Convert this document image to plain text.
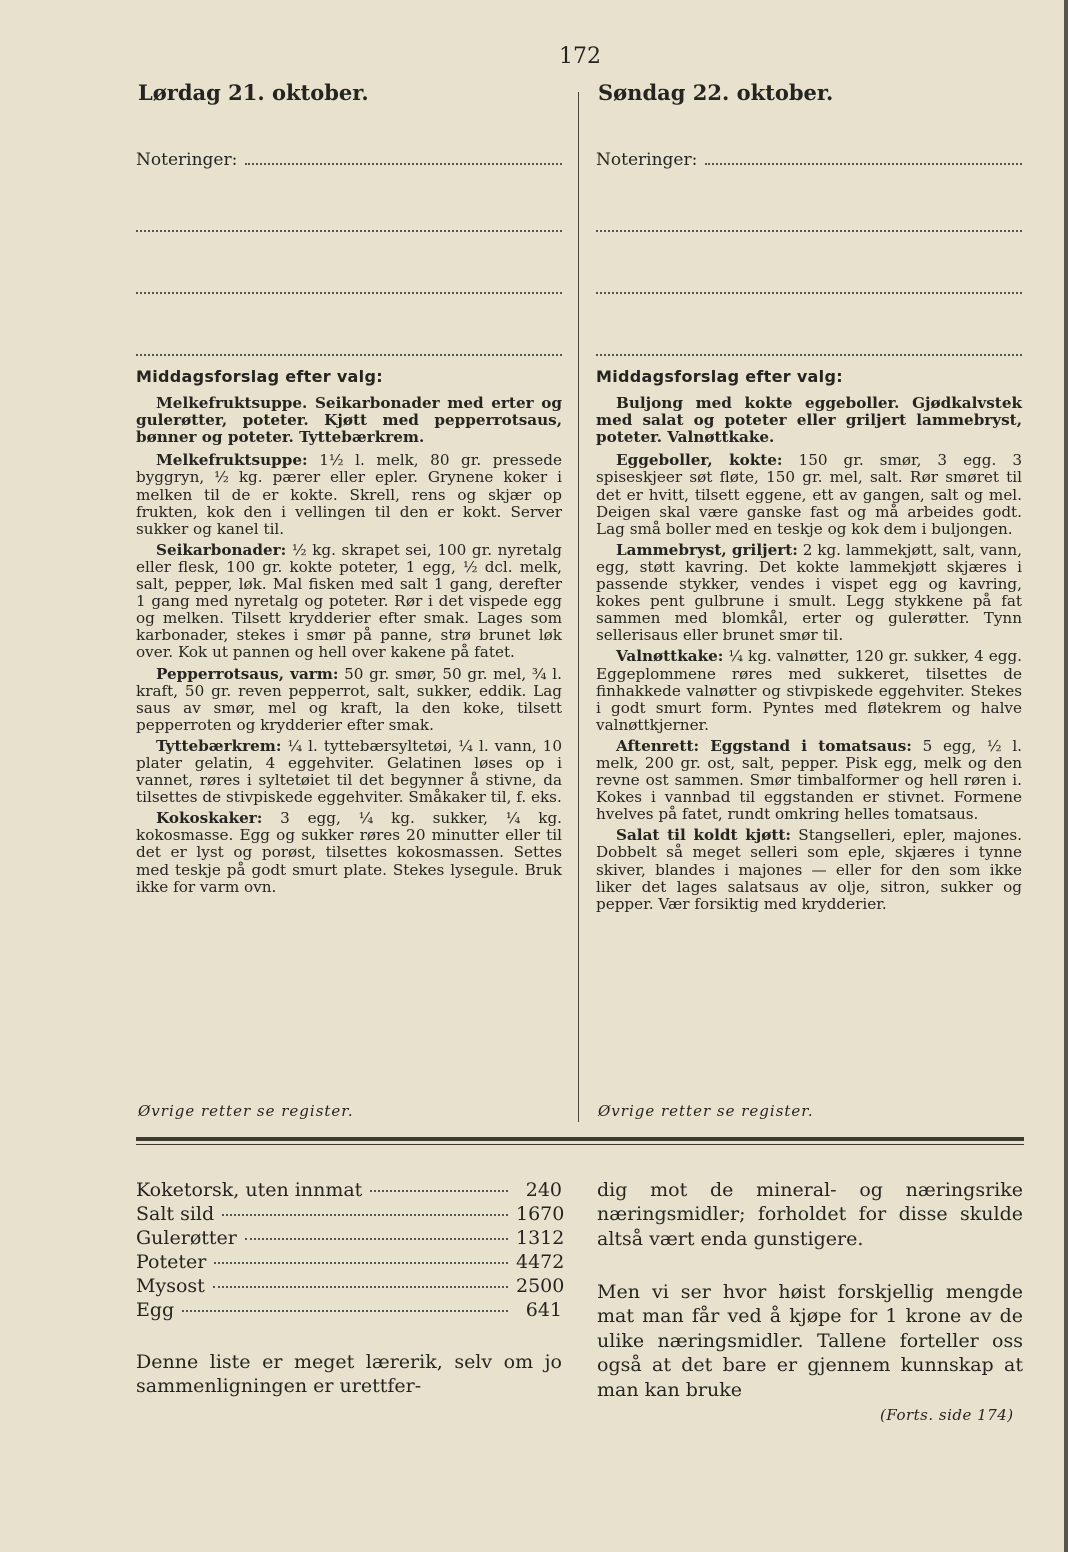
172
Lørdag 21. oktober.	Søndag 22. oktober.
Noteringer:	Noteringer:
Middagsforslag efter valg:

Melkefruktsuppe. Seikarbonader med erter og gulerøtter, poteter. Kjøtt med pepperrotsaus, bønner og poteter. Tyttebærkrem.

Melkefruktsuppe: 1½ l. melk, 80 gr. pressede byggryn, ½ kg. pærer eller epler. Grynene koker i melken til de er kokte. Skrell, rens og skjær op frukten, kok den i vellingen til den er kokt. Server sukker og kanel til.

Seikarbonader: ½ kg. skrapet sei, 100 gr. nyretalg eller flesk, 100 gr. kokte poteter, 1 egg, ½ dcl. melk, salt, pepper, løk. Mal fisken med salt 1 gang, derefter 1 gang med nyretalg og poteter. Rør i det vispede egg og melken. Tilsett krydderier efter smak. Lages som karbonader, stekes i smør på panne, strø brunet løk over. Kok ut pannen og hell over kakene på fatet.

Pepperrotsaus, varm: 50 gr. smør, 50 gr. mel, ¾ l. kraft, 50 gr. reven pepperrot, salt, sukker, eddik. Lag saus av smør, mel og kraft, la den koke, tilsett pepperroten og krydderier efter smak.

Tyttebærkrem: ¼ l. tyttebærsyltetøi, ¼ l. vann, 10 plater gelatin, 4 eggehviter. Gelatinen løses op i vannet, røres i syltetøiet til det begynner å stivne, da tilsettes de stivpiskede eggehviter. Småkaker til, f. eks.

Kokoskaker: 3 egg, ¼ kg. sukker, ¼ kg. kokosmasse. Egg og sukker røres 20 minutter eller til det er lyst og porøst, tilsettes kokosmassen. Settes med teskje på godt smurt plate. Stekes lysegule. Bruk ikke for varm ovn.

Middagsforslag efter valg:

Buljong med kokte eggeboller. Gjødkalvstek med salat og poteter eller griljert lammebryst, poteter. Valnøttkake.

Eggeboller, kokte: 150 gr. smør, 3 egg. 3 spiseskjeer søt fløte, 150 gr. mel, salt. Rør smøret til det er hvitt, tilsett eggene, ett av gangen, salt og mel. Deigen skal være ganske fast og må arbeides godt. Lag små boller med en teskje og kok dem i buljongen.

Lammebryst, griljert: 2 kg. lammekjøtt, salt, vann, egg, støtt kavring. Det kokte lammekjøtt skjæres i passende stykker, vendes i vispet egg og kavring, kokes pent gulbrune i smult. Legg stykkene på fat sammen med blomkål, erter og gulerøtter. Tynn sellerisaus eller brunet smør til.

Valnøttkake: ¼ kg. valnøtter, 120 gr. sukker, 4 egg. Eggeplommene røres med sukkeret, tilsettes de finhakkede valnøtter og stivpiskede eggehviter. Stekes i godt smurt form. Pyntes med fløtekrem og halve valnøttkjerner.

Aftenrett: Eggstand i tomatsaus: 5 egg, ½ l. melk, 200 gr. ost, salt, pepper. Pisk egg, melk og den revne ost sammen. Smør timbalformer og hell røren i. Kokes i vannbad til eggstanden er stivnet. Formene hvelves på fatet, rundt omkring helles tomatsaus.

Salat til koldt kjøtt: Stangselleri, epler, majones. Dobbelt så meget selleri som eple, skjæres i tynne skiver, blandes i majones — eller for den som ikke liker det lages salatsaus av olje, sitron, sukker og pepper. Vær forsiktig med krydderier.

Øvrige retter se register.	Øvrige retter se register.
Koketorsk, uten innmat	240
Salt sild	1670
Gulerøtter	1312
Poteter	4472
Mysost	2500
Egg	641

Denne liste er meget lærerik, selv om jo sammenligningen er urettfer-

dig mot de mineral- og næringsrike næringsmidler; forholdet for disse skulde altså vært enda gunstigere.

Men vi ser hvor høist forskjellig mengde mat man får ved å kjøpe for 1 krone av de ulike næringsmidler. Tallene forteller oss også at det bare er gjennem kunnskap at man kan bruke

(Forts. side 174)
